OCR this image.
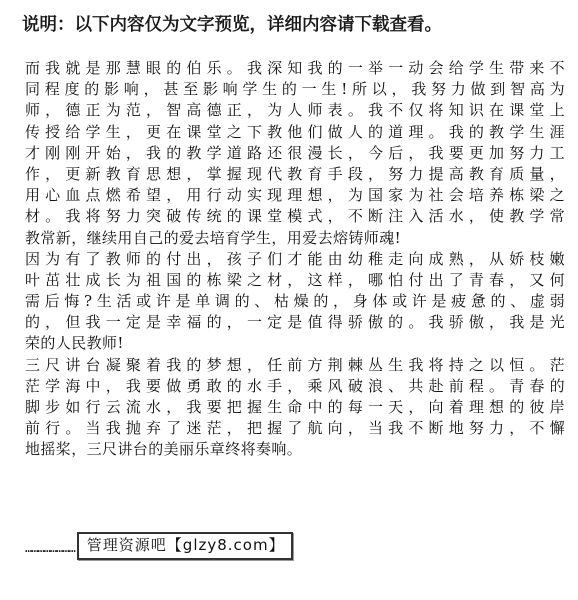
说明：以下内容仅为文字预览，详细内容请下载查看。
而我就是那慧眼的伯乐。我深知我的一举一动会给学生带来不
同程度的影响，甚至影响学生的一生!所以，我努力做到智高为
师，德正为范，智高德正，为人师表。我不仅将知识在课堂上
传授给学生，更在课堂之下教他们做人的道理。我的教学生涯
才刚刚开始，我的教学道路还很漫长，今后，我要更加努力工
作，更新教育思想，掌握现代教育手段，努力提高教育质量，
用心血点燃希望，用行动实现理想，为国家为社会培养栋梁之
材。我将努力突破传统的课堂模式，不断注入活水，使教学常
教常新，继续用自己的爱去培育学生，用爱去熔铸师魂!
因为有了教师的付出，孩子们才能由幼稚走向成熟，从娇枝嫩
叶茁壮成长为祖国的栋梁之材，这样，哪怕付出了青春，又何
需后悔?生活或许是单调的、枯燥的，身体或许是疲惫的、虚弱
的，但我一定是幸福的，一定是值得骄傲的。我骄傲，我是光
荣的人民教师!
三尺讲台凝聚着我的梦想，任前方荆棘丛生我将持之以恒。茫
茫学海中，我要做勇敢的水手，乘风破浪、共赴前程。青春的
脚步如行云流水，我要把握生命中的每一天，向着理想的彼岸
前行。当我抛弃了迷茫，把握了航向，当我不断地努力，不懈
地摇桨，三尺讲台的美丽乐章终将奏响。
…………………… 管理资源吧【glzy8.com】
